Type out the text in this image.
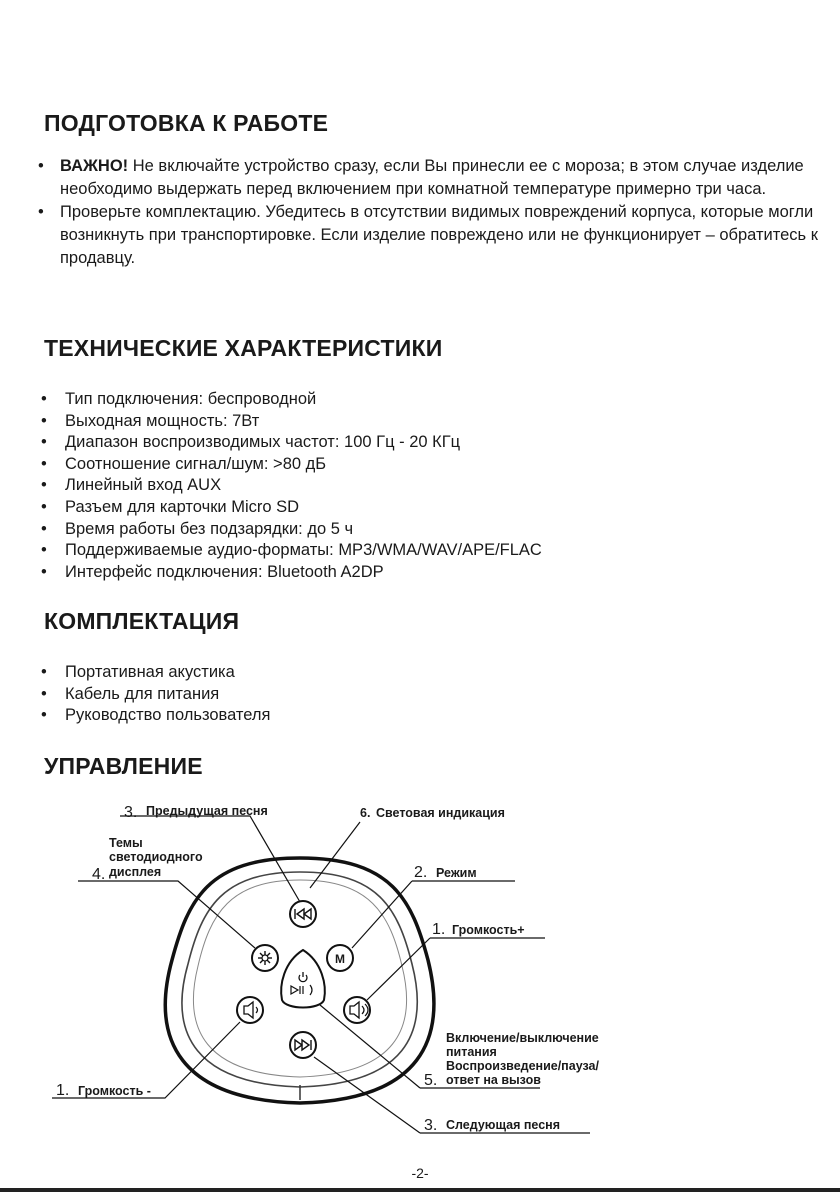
ПОДГОТОВКА К РАБОТЕ
• ВАЖНО! Не включайте устройство сразу, если Вы принесли ее с мороза; в этом случае изделие необходимо выдержать перед включением при комнатной температуре примерно три часа.
• Проверьте комплектацию. Убедитесь в отсутствии видимых повреждений корпуса, которые могли возникнуть при транспортировке. Если изделие повреждено или не функционирует – обратитесь к продавцу.
ТЕХНИЧЕСКИЕ ХАРАКТЕРИСТИКИ
• Тип подключения: беспроводной
• Выходная мощность: 7Вт
• Диапазон воспроизводимых частот: 100 Гц - 20 КГц
• Соотношение сигнал/шум: >80 дБ
• Линейный вход AUX
• Разъем для карточки Micro SD
• Время работы без подзарядки: до 5 ч
• Поддерживаемые аудио-форматы: MP3/WMA/WAV/APE/FLAC
• Интерфейс подключения: Bluetooth A2DP
КОМПЛЕКТАЦИЯ
• Портативная акустика
• Кабель для питания
• Руководство пользователя
УПРАВЛЕНИЕ
M
3. Предыдущая песня	6. Световая индикация
Темы
светодиодного
4. дисплея	2. Режим
1. Громкость+
Включение/выключение
питания
Воспроизведение/пауза/
5. ответ на вызов
1. Громкость -
3. Следующая песня
-2-
